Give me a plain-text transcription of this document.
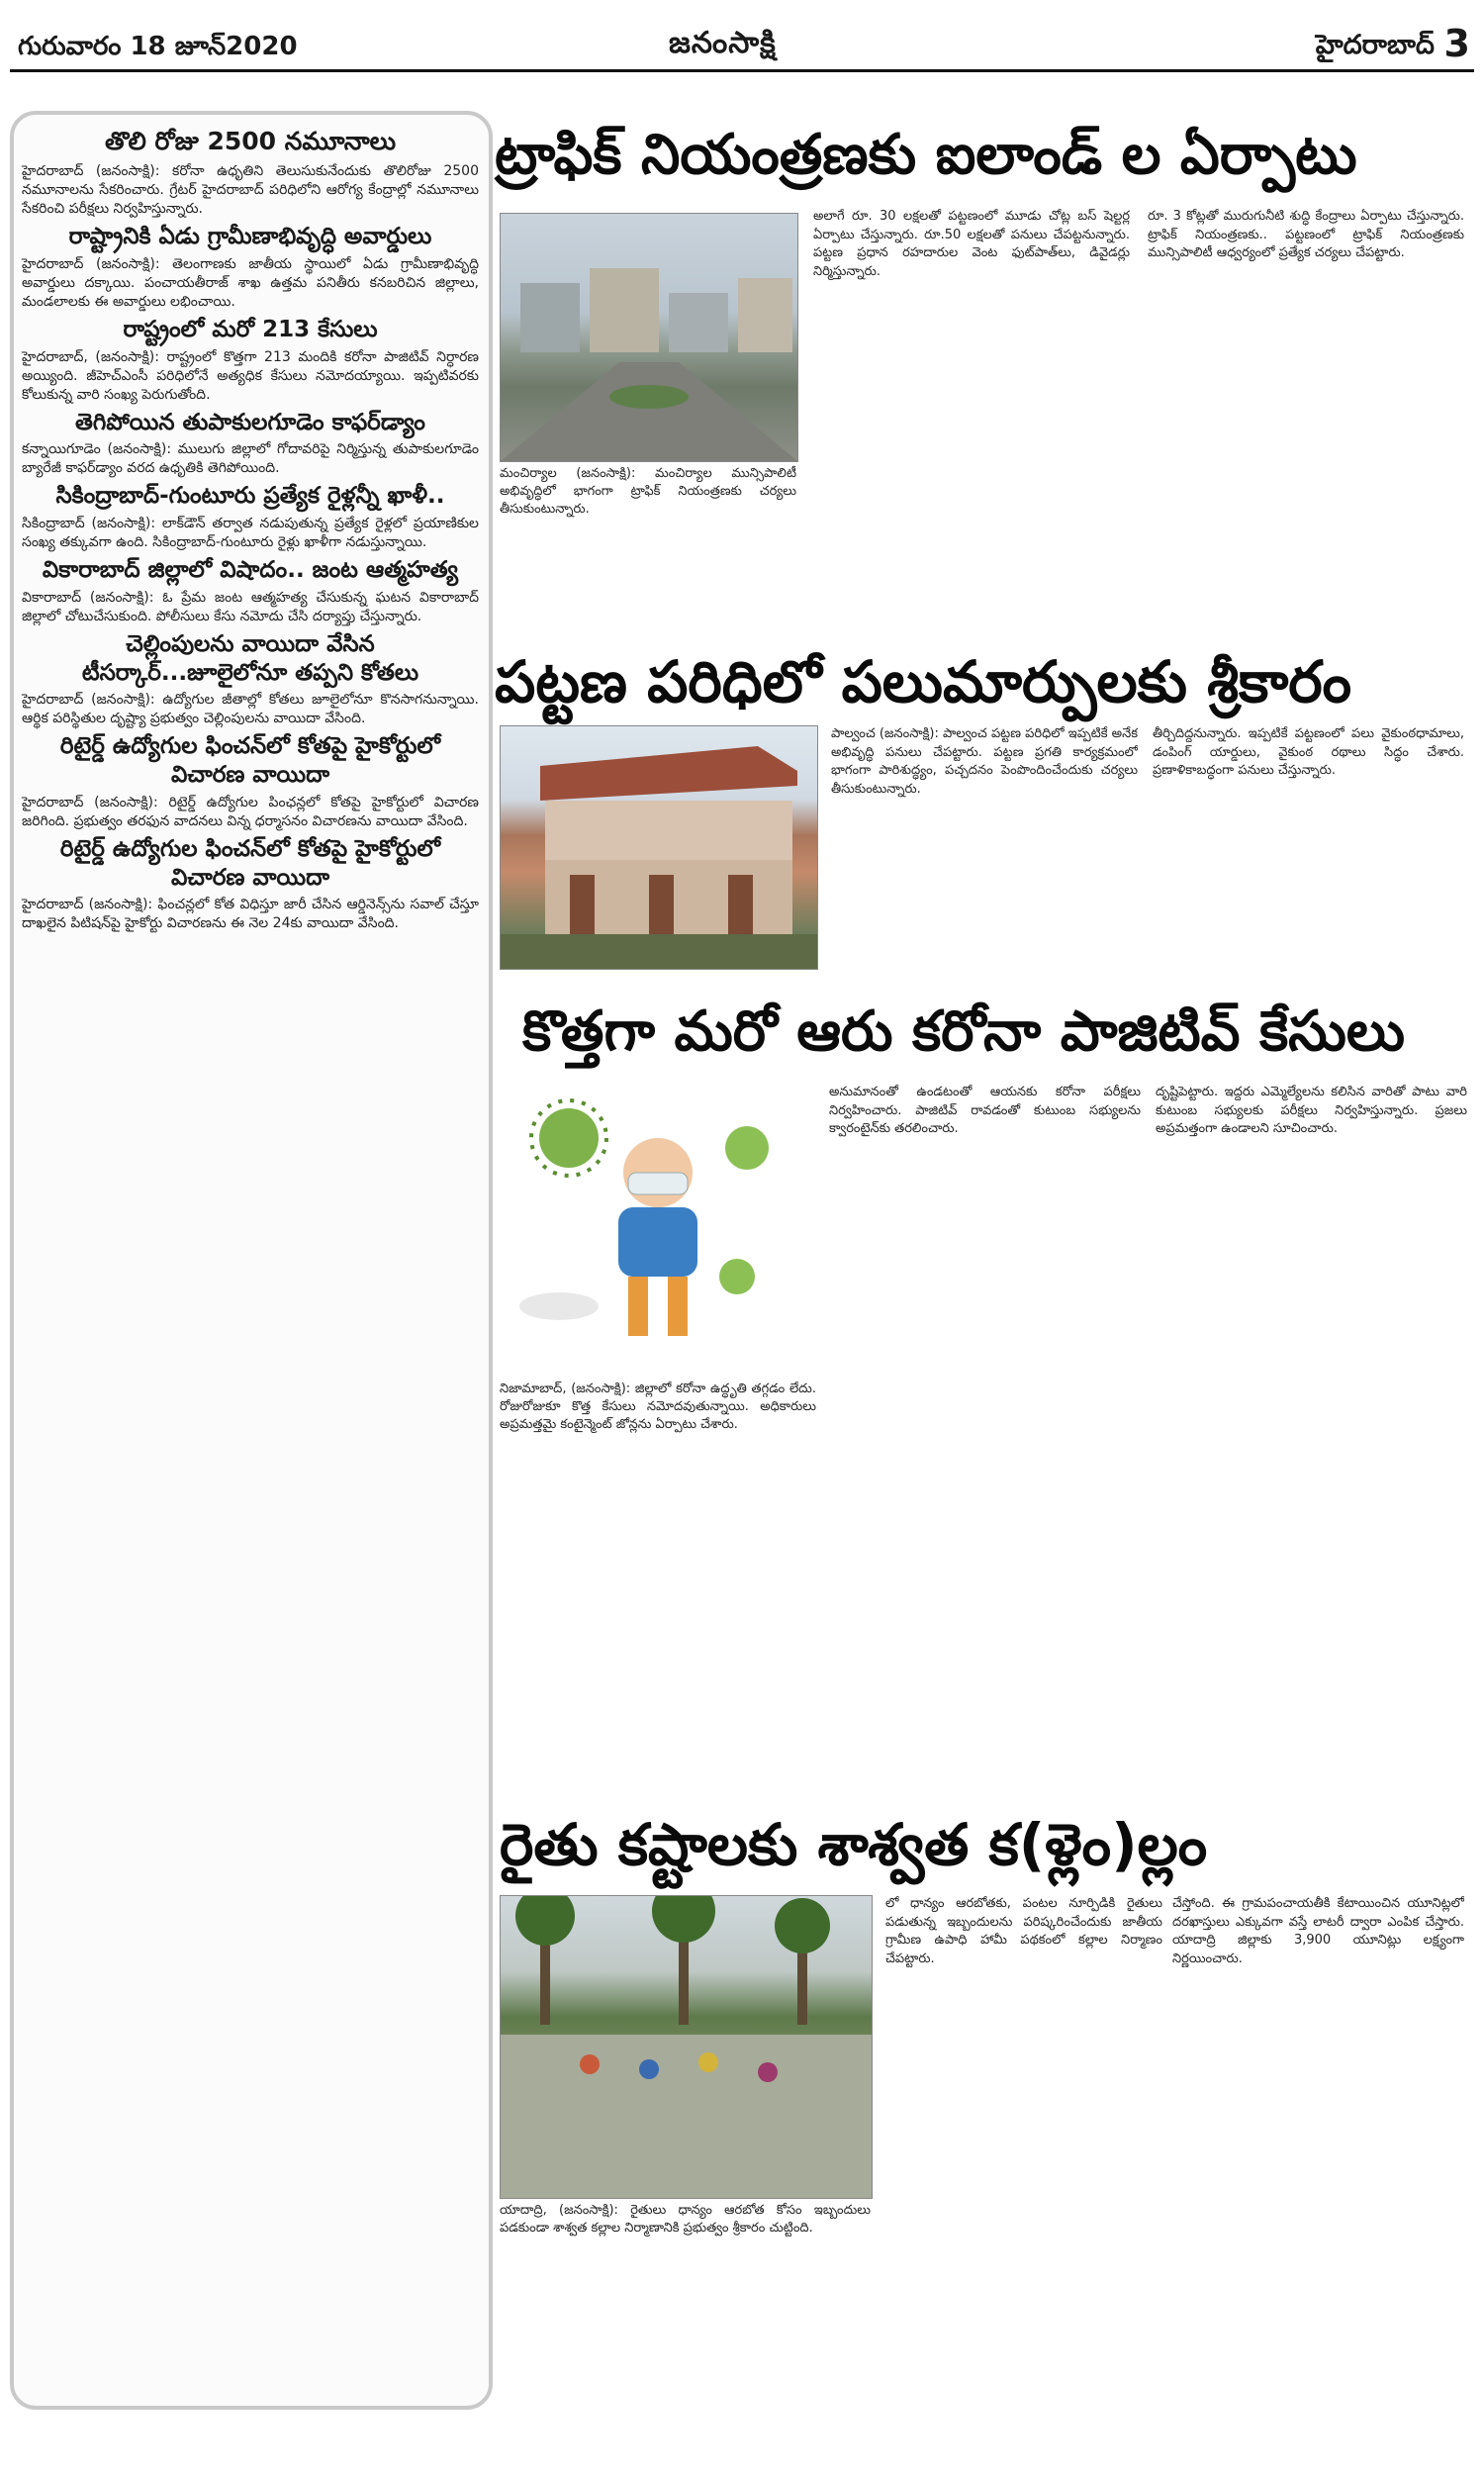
గురువారం 18 జూన్2020	జనంసాక్షి	హైదరాబాద్ 3
తొలి రోజు 2500 నమూనాలు
హైదరాబాద్‌ (జనంసాక్షి): కరోనా ఉధృతిని తెలుసుకునేందుకు తొలిరోజు 2500 నమూనాలను సేకరించారు. గ్రేటర్‌ హైదరాబాద్‌ పరిధిలోని ఆరోగ్య కేంద్రాల్లో నమూనాలు సేకరించి పరీక్షలు నిర్వహిస్తున్నారు.
రాష్ట్రానికి ఏడు గ్రామీణాభివృద్ధి అవార్డులు
హైదరాబాద్‌ (జనంసాక్షి): తెలంగాణకు జాతీయ స్థాయిలో ఏడు గ్రామీణాభివృద్ధి అవార్డులు దక్కాయి. పంచాయతీరాజ్‌ శాఖ ఉత్తమ పనితీరు కనబరిచిన జిల్లాలు, మండలాలకు ఈ అవార్డులు లభించాయి.
రాష్ట్రంలో మరో 213 కేసులు
హైదరాబాద్‌, (జనంసాక్షి): రాష్ట్రంలో కొత్తగా 213 మందికి కరోనా పాజిటివ్‌ నిర్ధారణ అయ్యింది. జీహెచ్‌ఎంసీ పరిధిలోనే అత్యధిక కేసులు నమోదయ్యాయి. ఇప్పటివరకు కోలుకున్న వారి సంఖ్య పెరుగుతోంది.
తెగిపోయిన తుపాకులగూడెం కాఫర్‌డ్యాం
కన్నాయిగూడెం (జనంసాక్షి): ములుగు జిల్లాలో గోదావరిపై నిర్మిస్తున్న తుపాకులగూడెం బ్యారేజీ కాఫర్‌డ్యాం వరద ఉధృతికి తెగిపోయింది.
సికింద్రాబాద్‌-గుంటూరు ప్రత్యేక రైళ్లన్నీ ఖాళీ..
సికింద్రాబాద్‌ (జనంసాక్షి): లాక్‌డౌన్‌ తర్వాత నడుపుతున్న ప్రత్యేక రైళ్లలో ప్రయాణికుల సంఖ్య తక్కువగా ఉంది. సికింద్రాబాద్‌-గుంటూరు రైళ్లు ఖాళీగా నడుస్తున్నాయి.
వికారాబాద్‌ జిల్లాలో విషాదం.. జంట ఆత్మహత్య
వికారాబాద్‌ (జనంసాక్షి): ఓ ప్రేమ జంట ఆత్మహత్య చేసుకున్న ఘటన వికారాబాద్‌ జిల్లాలో చోటుచేసుకుంది. పోలీసులు కేసు నమోదు చేసి దర్యాప్తు చేస్తున్నారు.
చెల్లింపులను వాయిదా వేసిన టీసర్కార్‌...జూలైలోనూ తప్పని కోతలు
హైదరాబాద్‌ (జనంసాక్షి): ఉద్యోగుల జీతాల్లో కోతలు జూలైలోనూ కొనసాగనున్నాయి. ఆర్థిక పరిస్థితుల దృష్ట్యా ప్రభుత్వం చెల్లింపులను వాయిదా వేసింది.
రిటైర్డ్‌ ఉద్యోగుల ఫించన్‌లో కోతపై హైకోర్టులో విచారణ వాయిదా
హైదరాబాద్‌ (జనంసాక్షి): రిటైర్డ్‌ ఉద్యోగుల పింఛన్లలో కోతపై హైకోర్టులో విచారణ జరిగింది. ప్రభుత్వం తరఫున వాదనలు విన్న ధర్మాసనం విచారణను వాయిదా వేసింది.
రిటైర్డ్‌ ఉద్యోగుల ఫించన్‌లో కోతపై హైకోర్టులో విచారణ వాయిదా
హైదరాబాద్‌ (జనంసాక్షి): ఫించన్లలో కోత విధిస్తూ జారీ చేసిన ఆర్డినెన్స్‌ను సవాల్‌ చేస్తూ దాఖలైన పిటిషన్‌పై హైకోర్టు విచారణను ఈ నెల 24కు వాయిదా వేసింది.
ట్రాఫిక్‌ నియంత్రణకు ఐలాండ్‌ ల ఏర్పాటు
మంచిర్యాల (జనంసాక్షి): మంచిర్యాల మున్సిపాలిటీ అభివృద్ధిలో భాగంగా ట్రాఫిక్‌ నియంత్రణకు చర్యలు తీసుకుంటున్నారు.
అలాగే రూ. 30 లక్షలతో పట్టణంలో మూడు చోట్ల బస్‌ షెల్టర్ల ఏర్పాటు చేస్తున్నారు. రూ.50 లక్షలతో పనులు చేపట్టనున్నారు. పట్టణ ప్రధాన రహదారుల వెంట ఫుట్‌పాత్‌లు, డివైడర్లు నిర్మిస్తున్నారు.
రూ. 3 కోట్లతో మురుగునీటి శుద్ధి కేంద్రాలు ఏర్పాటు చేస్తున్నారు. ట్రాఫిక్‌ నియంత్రణకు.. పట్టణంలో ట్రాఫిక్‌ నియంత్రణకు మున్సిపాలిటీ ఆధ్వర్యంలో ప్రత్యేక చర్యలు చేపట్టారు.
పట్టణ పరిధిలో పలుమార్పులకు శ్రీకారం
పాల్వంచ (జనంసాక్షి): పాల్వంచ పట్టణ పరిధిలో ఇప్పటికే అనేక అభివృద్ధి పనులు చేపట్టారు. పట్టణ ప్రగతి కార్యక్రమంలో భాగంగా పారిశుద్ధ్యం, పచ్చదనం పెంపొందించేందుకు చర్యలు తీసుకుంటున్నారు.
తీర్చిదిద్దనున్నారు. ఇప్పటికే పట్టణంలో పలు వైకుంఠధామాలు, డంపింగ్‌ యార్డులు, వైకుంఠ రథాలు సిద్ధం చేశారు. ప్రణాళికాబద్ధంగా పనులు చేస్తున్నారు.
కొత్తగా మరో ఆరు కరోనా పాజిటివ్‌ కేసులు
నిజామాబాద్‌, (జనంసాక్షి): జిల్లాలో కరోనా ఉద్ధృతి తగ్గడం లేదు. రోజురోజుకూ కొత్త కేసులు నమోదవుతున్నాయి. అధికారులు అప్రమత్తమై కంటైన్మెంట్‌ జోన్లను ఏర్పాటు చేశారు.
అనుమానంతో ఉండటంతో ఆయనకు కరోనా పరీక్షలు నిర్వహించారు. పాజిటివ్‌ రావడంతో కుటుంబ సభ్యులను క్వారంటైన్‌కు తరలించారు.
దృష్టిపెట్టారు. ఇద్దరు ఎమ్మెల్యేలను కలిసిన వారితో పాటు వారి కుటుంబ సభ్యులకు పరీక్షలు నిర్వహిస్తున్నారు. ప్రజలు అప్రమత్తంగా ఉండాలని సూచించారు.
రైతు కష్టాలకు శాశ్వత క(ళ్లెం)ల్లం
యాదాద్రి, (జనంసాక్షి): రైతులు ధాన్యం ఆరబోత కోసం ఇబ్బందులు పడకుండా శాశ్వత కల్లాల నిర్మాణానికి ప్రభుత్వం శ్రీకారం చుట్టింది.
లో ధాన్యం ఆరబోతకు, పంటల నూర్పిడికి రైతులు పడుతున్న ఇబ్బందులను పరిష్కరించేందుకు జాతీయ గ్రామీణ ఉపాధి హామీ పథకంలో కల్లాల నిర్మాణం చేపట్టారు.
చేస్తోంది. ఈ గ్రామపంచాయతీకి కేటాయించిన యూనిట్లలో దరఖాస్తులు ఎక్కువగా వస్తే లాటరీ ద్వారా ఎంపిక చేస్తారు. యాదాద్రి జిల్లాకు 3,900 యూనిట్లు లక్ష్యంగా నిర్ణయించారు.
